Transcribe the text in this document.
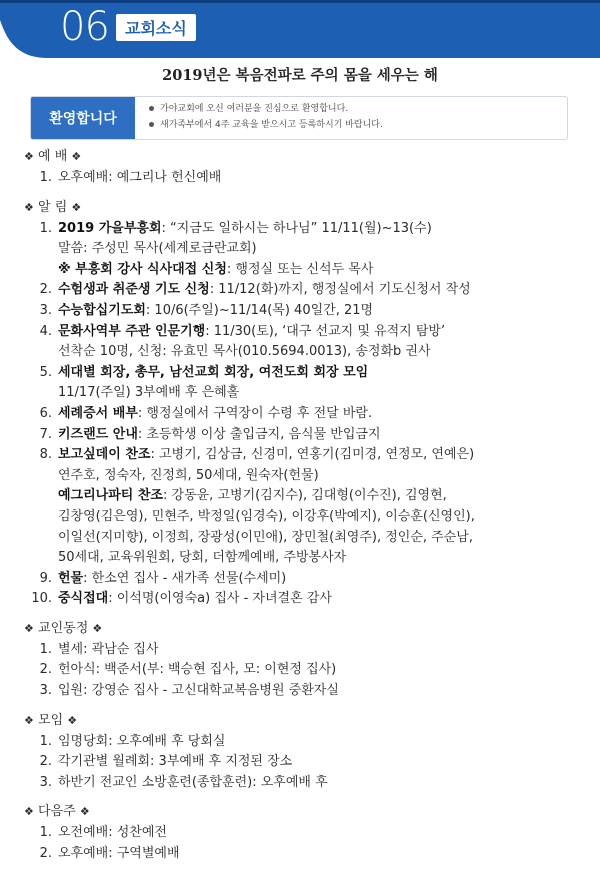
06	교회소식
2019년은 복음전파로 주의 몸을 세우는 해
환영합니다
가야교회에 오신 여러분을 진심으로 환영합니다.
새가족부에서 4주 교육을 받으시고 등록하시기 바랍니다.
❖ 예 배 ❖
1. 오후예배: 예그리나 헌신예배
❖ 알 림 ❖
1. 2019 가을부흥회: “지금도 일하시는 하나님” 11/11(월)~13(수)
말씀: 주성민 목사(세계로금란교회)
※ 부흥회 강사 식사대접 신청: 행정실 또는 신석두 목사
2. 수험생과 취준생 기도 신청: 11/12(화)까지, 행정실에서 기도신청서 작성
3. 수능합십기도회: 10/6(주일)~11/14(목) 40일간, 21명
4. 문화사역부 주관 인문기행: 11/30(토), ‘대구 선교지 및 유적지 탐방’
선착순 10명, 신청: 유효민 목사(010.5694.0013), 송정화b 권사
5. 세대별 회장, 총무, 남선교회 회장, 여전도회 회장 모임
11/17(주일) 3부예배 후 은혜홀
6. 세례증서 배부: 행정실에서 구역장이 수령 후 전달 바람.
7. 키즈랜드 안내: 초등학생 이상 출입금지, 음식물 반입금지
8. 보고싶데이 찬조: 고병기, 김상금, 신경미, 연홍기(김미경, 연정모, 연예은)
연주호, 정숙자, 진정희, 50세대, 원숙자(헌물)
예그리나파티 찬조: 강동윤, 고병기(김지수), 김대형(이수진), 김영현,
김창영(김은영), 민현주, 박정일(임경숙), 이강후(박예지), 이승훈(신영인),
이일선(지미향), 이정희, 장광성(이민애), 장민철(최영주), 정인순, 주순남,
50세대, 교육위원회, 당회, 더함께예배, 주방봉사자
9. 헌물: 한소연 집사 - 새가족 선물(수세미)
10. 중식접대: 이석명(이영숙a) 집사 - 자녀결혼 감사
❖ 교인동정 ❖
1. 별세: 곽남순 집사
2. 헌아식: 백준서(부: 백승현 집사, 모: 이현정 집사)
3. 입원: 강영순 집사 - 고신대학교복음병원 중환자실
❖ 모임 ❖
1. 임명당회: 오후예배 후 당회실
2. 각기관별 월례회: 3부예배 후 지정된 장소
3. 하반기 전교인 소방훈련(종합훈련): 오후예배 후
❖ 다음주 ❖
1. 오전예배: 성찬예전
2. 오후예배: 구역별예배
